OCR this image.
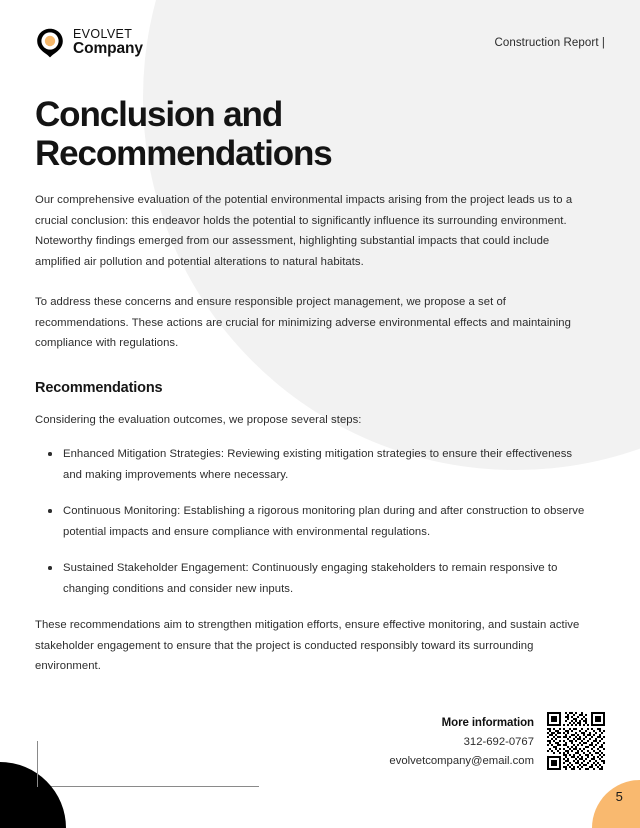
EVOLVET
Company	Construction Report |
Conclusion and Recommendations

Our comprehensive evaluation of the potential environmental impacts arising from the project leads us to a crucial conclusion: this endeavor holds the potential to significantly influence its surrounding environment. Noteworthy findings emerged from our assessment, highlighting substantial impacts that could include amplified air pollution and potential alterations to natural habitats.

To address these concerns and ensure responsible project management, we propose a set of recommendations. These actions are crucial for minimizing adverse environmental effects and maintaining compliance with regulations.

Recommendations

Considering the evaluation outcomes, we propose several steps:

Enhanced Mitigation Strategies: Reviewing existing mitigation strategies to ensure their effectiveness and making improvements where necessary.
Continuous Monitoring: Establishing a rigorous monitoring plan during and after construction to observe potential impacts and ensure compliance with environmental regulations.
Sustained Stakeholder Engagement: Continuously engaging stakeholders to remain responsive to changing conditions and consider new inputs.

These recommendations aim to strengthen mitigation efforts, ensure effective monitoring, and sustain active stakeholder engagement to ensure that the project is conducted responsibly toward its surrounding environment.

More information
312-692-0767
evolvetcompany@email.com
5
